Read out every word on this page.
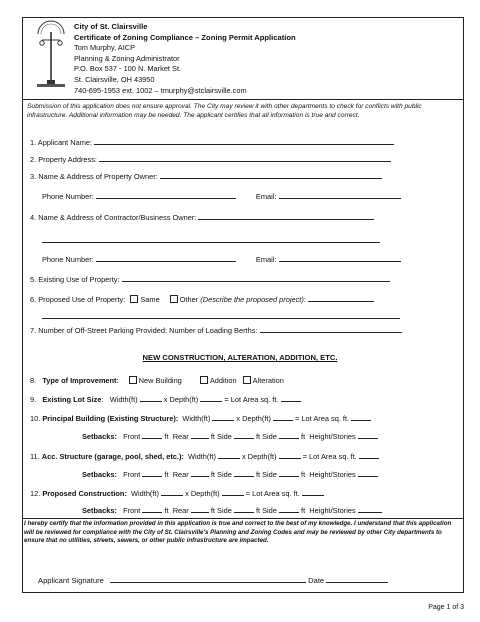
City of St. Clairsville
Certificate of Zoning Compliance – Zoning Permit Application
Tom Murphy, AICP
Planning & Zoning Administrator
P.O. Box 537 - 100 N. Market St.
St. Clairsville, OH 43950
740-695-1953 ext. 1002 – tmurphy@stclairsville.com
Submission of this application does not ensure approval. The City may review it with other departments to check for conflicts with public infrastructure. Additional information may be needed. The applicant certifies that all information is true and correct.
1. Applicant Name:
2. Property Address:
3. Name & Address of Property Owner:
Phone Number:	Email:
4. Name & Address of Contractor/Business Owner:
Phone Number:	Email:
5. Existing Use of Property:
6. Proposed Use of Property: Same	Other (Describe the proposed project):
7. Number of Off-Street Parking Provided: Number of Loading Berths:
NEW CONSTRUCTION, ALTERATION, ADDITION, ETC.
8.   Type of Improvement:	New Building	Addition Alteration
9.   Existing Lot Size:   Width(ft)	x Depth(ft)	= Lot Area sq. ft.
10. Principal Building (Existing Structure): Width(ft)	x Depth(ft)	= Lot Area sq. ft.
Setbacks: Front	ft Rear	ft Side	ft Side	ft Height/Stories
11. Acc. Structure (garage, pool, shed, etc.): Width(ft)	x Depth(ft)	= Lot Area sq. ft.
Setbacks: Front	ft Rear	ft Side	ft Side	ft Height/Stories
12. Proposed Construction: Width(ft)	x Depth(ft)	= Lot Area sq. ft.
Setbacks: Front	ft Rear	ft Side	ft Side	ft Height/Stories
I hereby certify that the information provided in this application is true and correct to the best of my knowledge. I understand that this application will be reviewed for compliance with the City of St. Clairsville's Planning and Zoning Codes and may be reviewed by other City departments to ensure that no utilities, streets, sewers, or other public infrastructure are impacted.
Applicant Signature	Date
Page 1 of 3
